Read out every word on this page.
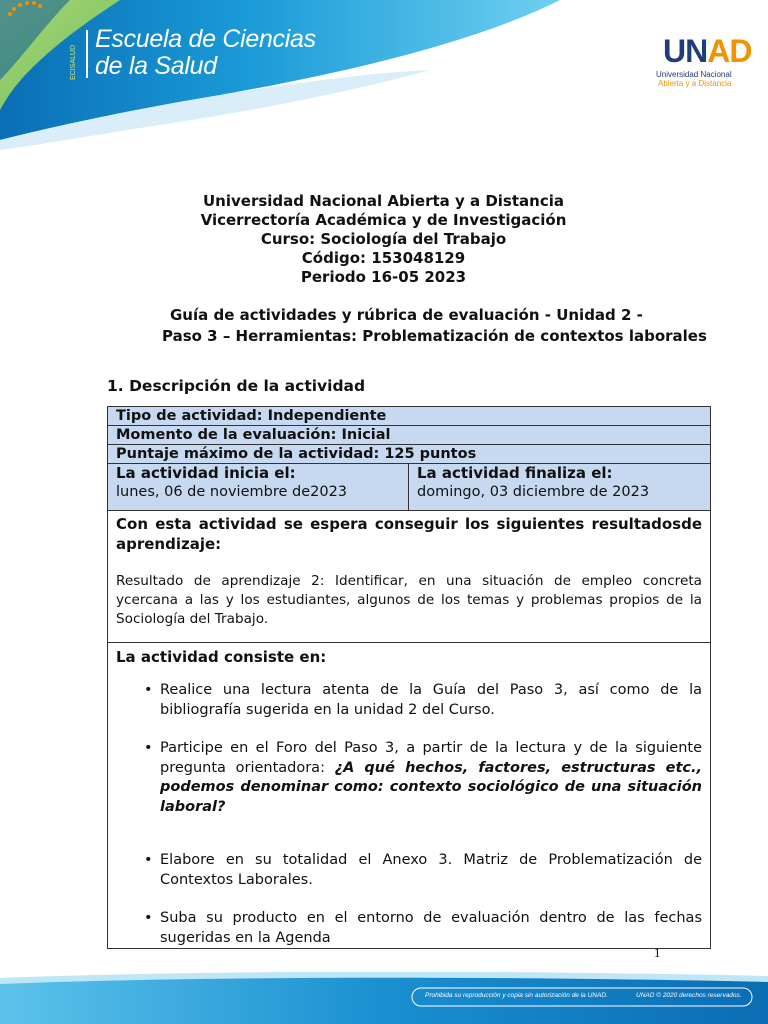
ECISALUD
Escuela de Ciencias
de la Salud	UNAD
Universidad Nacional
Abierta y a Distancia
Universidad Nacional Abierta y a Distancia
Vicerrectoría Académica y de Investigación
Curso: Sociología del Trabajo
Código: 153048129
Periodo 16-05 2023
Guía de actividades y rúbrica de evaluación - Unidad 2 -
Paso 3 – Herramientas: Problematización de contextos laborales
1. Descripción de la actividad
Tipo de actividad: Independiente
Momento de la evaluación: Inicial
Puntaje máximo de la actividad: 125 puntos

La actividad inicia el:
lunes, 06 de noviembre de2023

La actividad finaliza el:
domingo, 03 diciembre de 2023

Con esta actividad se espera conseguir los siguientes resultadosde aprendizaje:
Resultado de aprendizaje 2: Identificar, en una situación de empleo concreta ycercana a las y los estudiantes, algunos de los temas y problemas propios de la Sociología del Trabajo.

La actividad consiste en:
• Realice una lectura atenta de la Guía del Paso 3, así como de la bibliografía sugerida en la unidad 2 del Curso.
• Participe en el Foro del Paso 3, a partir de la lectura y de la siguiente pregunta orientadora: ¿A qué hechos, factores, estructuras etc., podemos denominar como: contexto sociológico de una situación laboral?
• Elabore en su totalidad el Anexo 3. Matriz de Problematización de Contextos Laborales.
• Suba su producto en el entorno de evaluación dentro de las fechas sugeridas en la Agenda
1
Prohibida su reproducción y copia sin autorización de la UNAD.	UNAD © 2020 derechos reservados.
